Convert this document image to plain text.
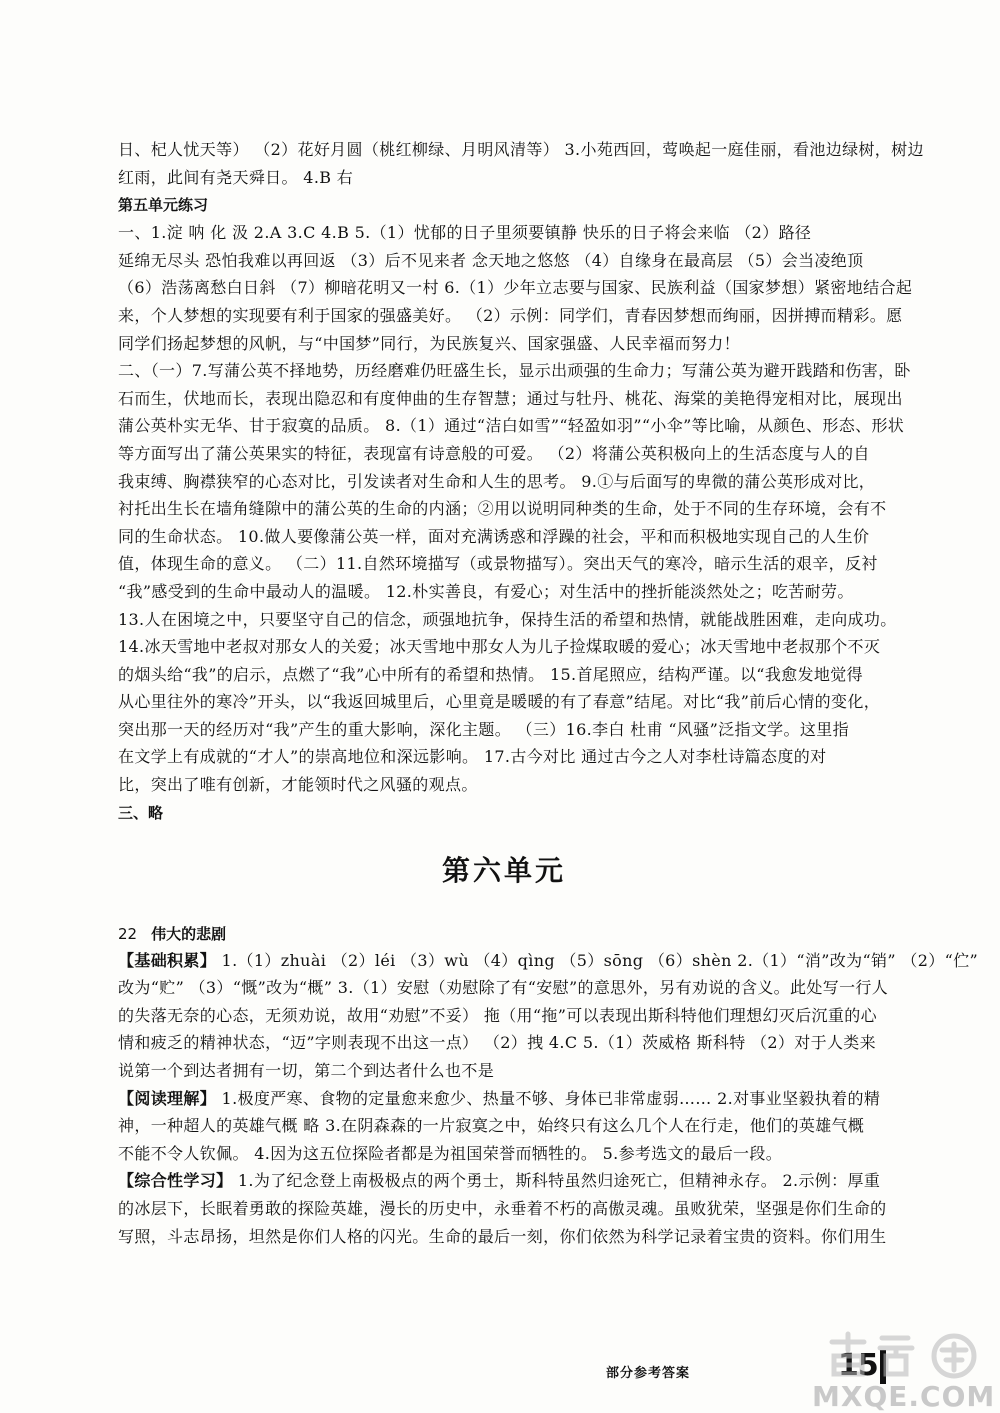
日、杞人忧天等） （2）花好月圆（桃红柳绿、月明风清等） 3.小苑西回，莺唤起一庭佳丽，看池边绿树，树边

红雨，此间有尧天舜日。 4.B 右

第五单元练习

一、1.淀 呐 化 汲 2.A 3.C 4.B 5.（1）忧郁的日子里须要镇静 快乐的日子将会来临 （2）路径

延绵无尽头 恐怕我难以再回返 （3）后不见来者 念天地之悠悠 （4）自缘身在最高层 （5）会当凌绝顶

（6）浩荡离愁白日斜 （7）柳暗花明又一村 6.（1）少年立志要与国家、民族利益（国家梦想）紧密地结合起

来，个人梦想的实现要有利于国家的强盛美好。 （2）示例：同学们，青春因梦想而绚丽，因拼搏而精彩。愿

同学们扬起梦想的风帆，与“中国梦”同行，为民族复兴、国家强盛、人民幸福而努力！

二、（一）7.写蒲公英不择地势，历经磨难仍旺盛生长，显示出顽强的生命力；写蒲公英为避开践踏和伤害，卧

石而生，伏地而长，表现出隐忍和有度伸曲的生存智慧；通过与牡丹、桃花、海棠的美艳得宠相对比，展现出

蒲公英朴实无华、甘于寂寞的品质。 8.（1）通过“洁白如雪”“轻盈如羽”“小伞”等比喻，从颜色、形态、形状

等方面写出了蒲公英果实的特征，表现富有诗意般的可爱。 （2）将蒲公英积极向上的生活态度与人的自

我束缚、胸襟狭窄的心态对比，引发读者对生命和人生的思考。 9.①与后面写的卑微的蒲公英形成对比，

衬托出生长在墙角缝隙中的蒲公英的生命的内涵；②用以说明同种类的生命，处于不同的生存环境，会有不

同的生命状态。 10.做人要像蒲公英一样，面对充满诱惑和浮躁的社会，平和而积极地实现自己的人生价

值，体现生命的意义。 （二）11.自然环境描写（或景物描写）。突出天气的寒冷，暗示生活的艰辛，反衬

“我”感受到的生命中最动人的温暖。 12.朴实善良，有爱心；对生活中的挫折能淡然处之；吃苦耐劳。

13.人在困境之中，只要坚守自己的信念，顽强地抗争，保持生活的希望和热情，就能战胜困难，走向成功。

14.冰天雪地中老叔对那女人的关爱；冰天雪地中那女人为儿子捡煤取暖的爱心；冰天雪地中老叔那个不灭

的烟头给“我”的启示，点燃了“我”心中所有的希望和热情。 15.首尾照应，结构严谨。以“我愈发地觉得

从心里往外的寒冷”开头，以“我返回城里后，心里竟是暖暖的有了春意”结尾。对比“我”前后心情的变化，

突出那一天的经历对“我”产生的重大影响，深化主题。 （三）16.李白 杜甫 “风骚”泛指文学。这里指

在文学上有成就的“才人”的崇高地位和深远影响。 17.古今对比 通过古今之人对李杜诗篇态度的对

比，突出了唯有创新，才能领时代之风骚的观点。

三、略

第六单元

22 伟大的悲剧

【基础积累】 1.（1）zhuài （2）léi （3）wù （4）qìng （5）sōng （6）shèn 2.（1）“消”改为“销” （2）“伫”

改为“贮” （3）“慨”改为“概” 3.（1）安慰（劝慰除了有“安慰”的意思外，另有劝说的含义。此处写一行人

的失落无奈的心态，无须劝说，故用“劝慰”不妥） 拖（用“拖”可以表现出斯科特他们理想幻灭后沉重的心

情和疲乏的精神状态，“迈”字则表现不出这一点） （2）拽 4.C 5.（1）茨威格 斯科特 （2）对于人类来

说第一个到达者拥有一切，第二个到达者什么也不是

【阅读理解】 1.极度严寒、食物的定量愈来愈少、热量不够、身体已非常虚弱…… 2.对事业坚毅执着的精

神，一种超人的英雄气概 略 3.在阴森森的一片寂寞之中，始终只有这么几个人在行走，他们的英雄气概

不能不令人钦佩。 4.因为这五位探险者都是为祖国荣誉而牺牲的。 5.参考选文的最后一段。

【综合性学习】 1.为了纪念登上南极极点的两个勇士，斯科特虽然归途死亡，但精神永存。 2.示例：厚重

的冰层下，长眠着勇敢的探险英雄，漫长的历史中，永垂着不朽的高傲灵魂。虽败犹荣，坚强是你们生命的

写照，斗志昂扬，坦然是你们人格的闪光。生命的最后一刻，你们依然为科学记录着宝贵的资料。你们用生

部分参考答案	15
MXQE.COM
